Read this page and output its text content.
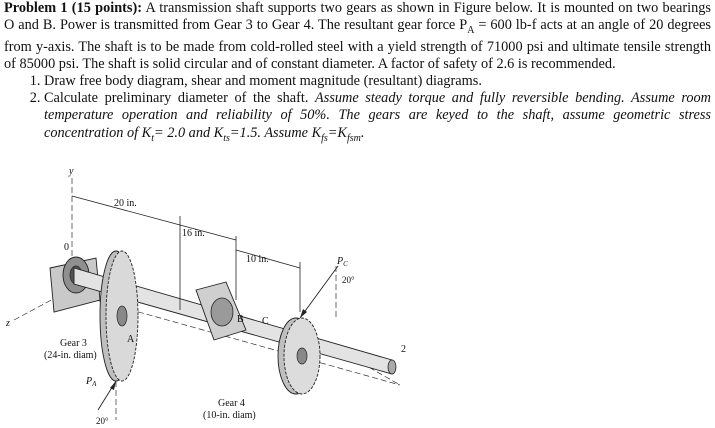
Problem 1 (15 points): A transmission shaft supports two gears as shown in Figure below. It is mounted on two bearings O and B. Power is transmitted from Gear 3 to Gear 4. The resultant gear force $P_A = 600$ lb-f acts at an angle of 20 degrees from y-axis. The shaft is to be made from cold-rolled steel with a yield strength of 71000 psi and ultimate tensile strength of 85000 psi. The shaft is solid circular and of constant diameter. A factor of safety of 2.6 is recommended.

1. Draw free body diagram, shear and moment magnitude (resultant) diagrams.
2. Calculate preliminary diameter of the shaft. Assume steady torque and fully reversible bending. Assume room temperature operation and reliability of 50%. The gears are keyed to the shaft, assume geometric stress concentration of $K_t= 2.0$ and $K_{ts}=1.5$. Assume $K_{fs}=K_{fsm}$.
y
z
2
0
20 in.
16 in.
10 in.
A
B C
Gear 3
(24-in. diam)
Gear 4
(10-in. diam)
$P_A$
20°
$P_C$
20°
